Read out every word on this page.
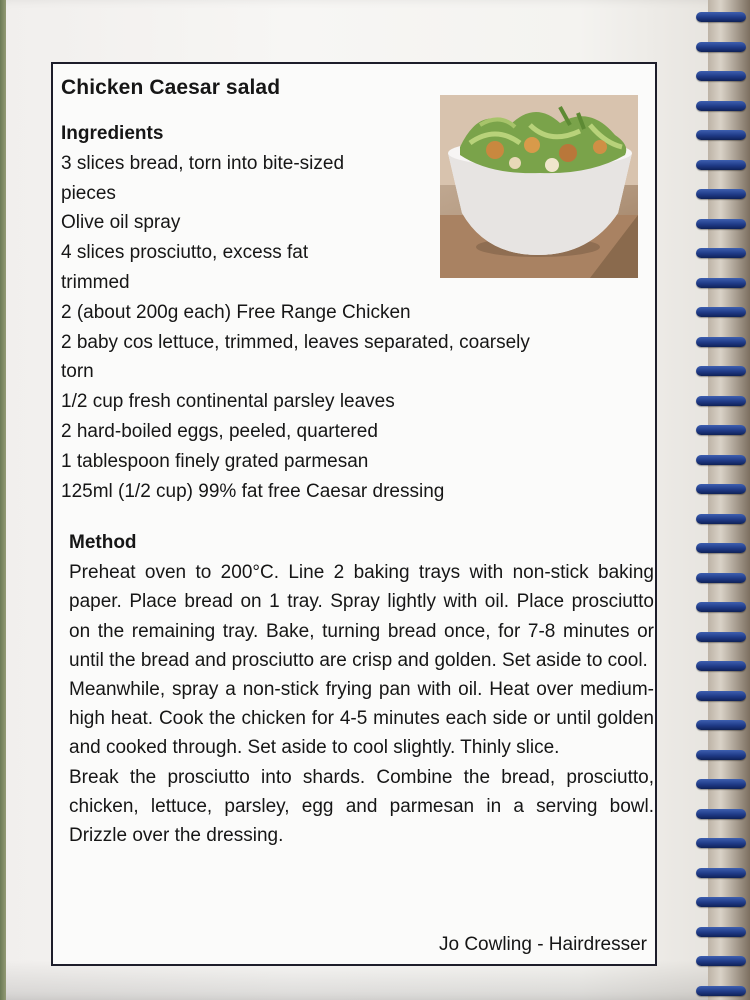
Chicken Caesar salad
Ingredients
3 slices bread, torn into bite-sized
pieces
Olive oil spray
4 slices prosciutto, excess fat
trimmed
2 (about 200g each) Free Range Chicken
2 baby cos lettuce, trimmed, leaves separated, coarsely
torn
1/2 cup fresh continental parsley leaves
2 hard-boiled eggs, peeled, quartered
1 tablespoon finely grated parmesan
125ml (1/2 cup) 99% fat free Caesar dressing
Method

Preheat oven to 200°C. Line 2 baking trays with non-stick baking paper. Place bread on 1 tray. Spray lightly with oil. Place prosciutto on the remaining tray. Bake, turning bread once, for 7-8 minutes or until the bread and prosciutto are crisp and golden. Set aside to cool.

Meanwhile, spray a non-stick frying pan with oil. Heat over medium-high heat. Cook the chicken for 4-5 minutes each side or until golden and cooked through. Set aside to cool slightly. Thinly slice.

Break the prosciutto into shards. Combine the bread, prosciutto, chicken, lettuce, parsley, egg and parmesan in a serving bowl. Drizzle over the dressing.

Jo Cowling - Hairdresser
